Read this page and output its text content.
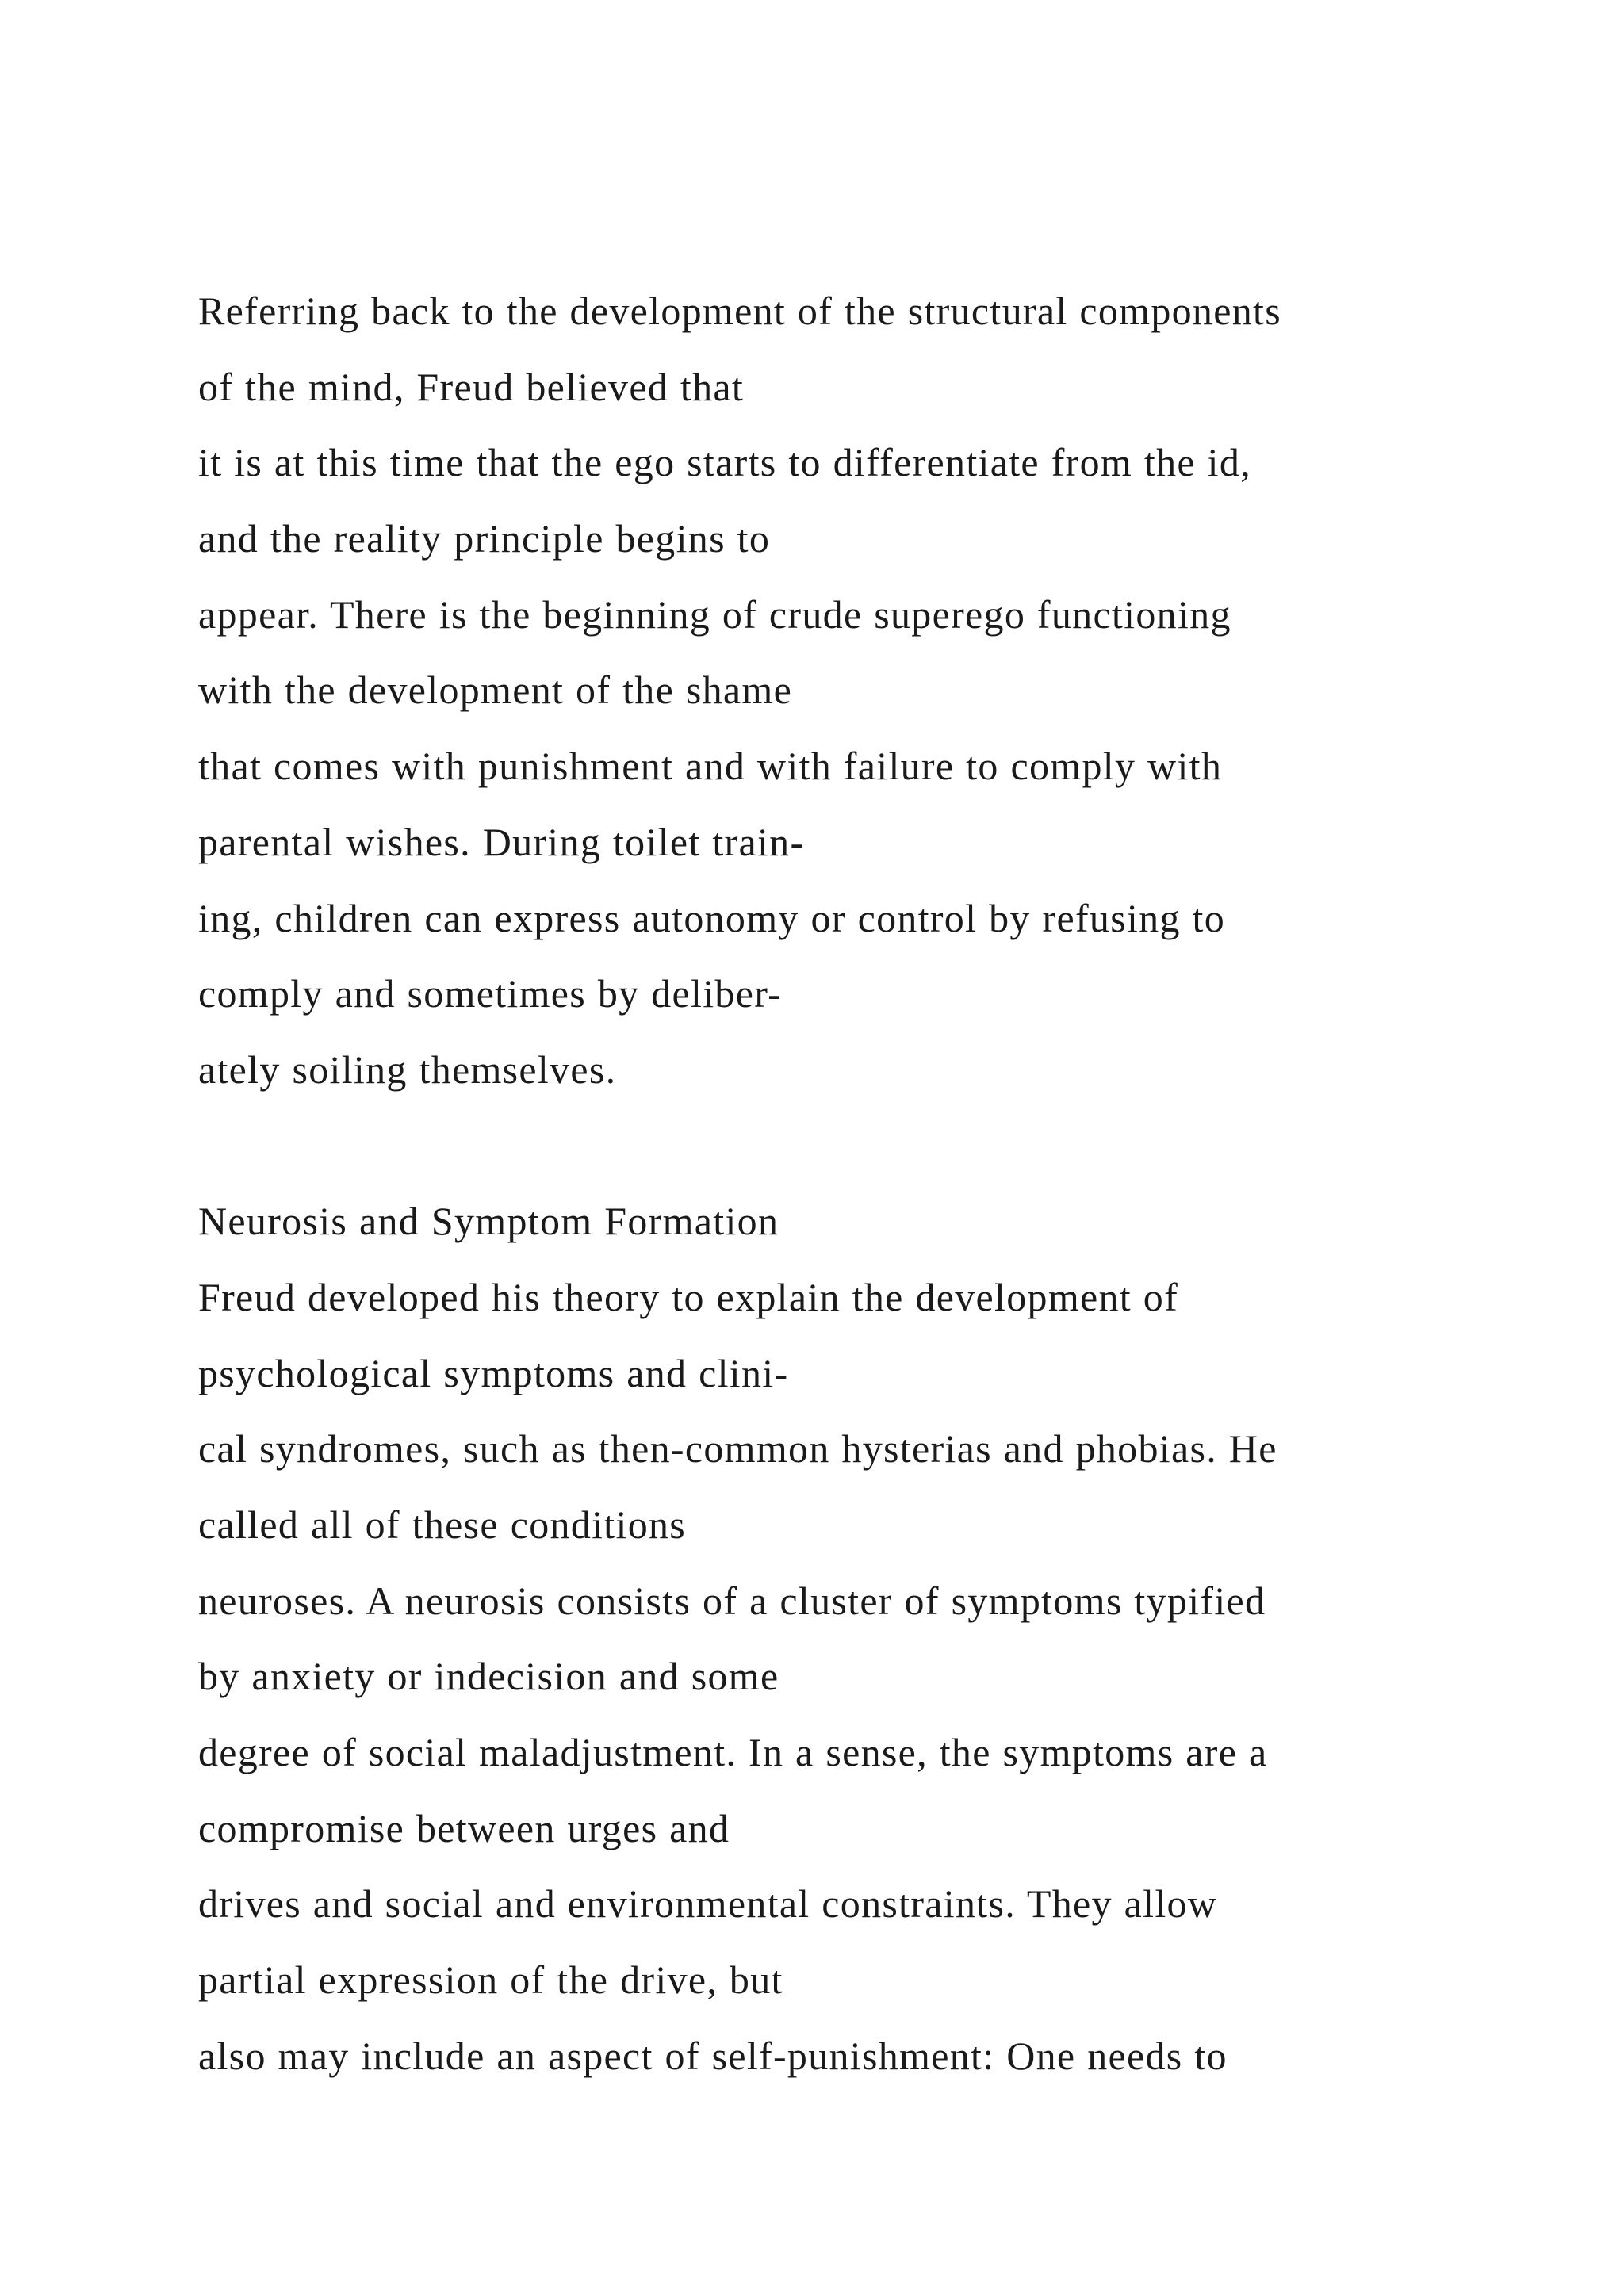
Referring back to the development of the structural components
of the mind, Freud believed that
it is at this time that the ego starts to differentiate from the id,
and the reality principle begins to
appear. There is the beginning of crude superego functioning
with the development of the shame
that comes with punishment and with failure to comply with
parental wishes. During toilet train-
ing, children can express autonomy or control by refusing to
comply and sometimes by deliber-
ately soiling themselves.
Neurosis and Symptom Formation
Freud developed his theory to explain the development of
psychological symptoms and clini-
cal syndromes, such as then-common hysterias and phobias. He
called all of these conditions
neuroses. A neurosis consists of a cluster of symptoms typified
by anxiety or indecision and some
degree of social maladjustment. In a sense, the symptoms are a
compromise between urges and
drives and social and environmental constraints. They allow
partial expression of the drive, but
also may include an aspect of self-punishment: One needs to
